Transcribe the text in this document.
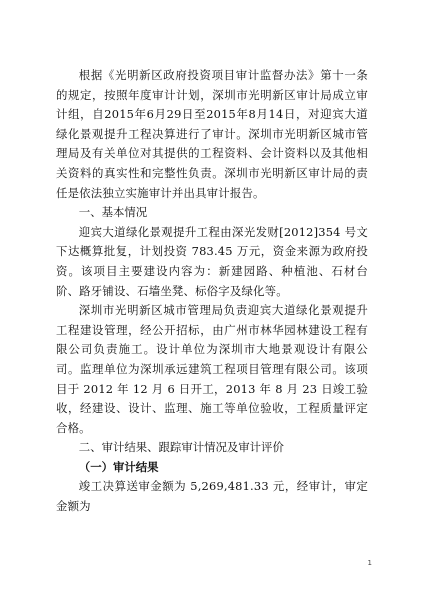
根据《光明新区政府投资项目审计监督办法》第十一条的规定，按照年度审计计划，深圳市光明新区审计局成立审计组，自2015年6月29日至2015年8月14日，对迎宾大道绿化景观提升工程决算进行了审计。深圳市光明新区城市管理局及有关单位对其提供的工程资料、会计资料以及其他相关资料的真实性和完整性负责。深圳市光明新区审计局的责任是依法独立实施审计并出具审计报告。

一、基本情况

迎宾大道绿化景观提升工程由深光发财[2012]354 号文下达概算批复，计划投资 783.45 万元，资金来源为政府投资。该项目主要建设内容为：新建园路、种植池、石材台阶、路牙铺设、石墙坐凳、标俗字及绿化等。

深圳市光明新区城市管理局负责迎宾大道绿化景观提升工程建设管理，经公开招标，由广州市林华园林建设工程有限公司负责施工。设计单位为深圳市大地景观设计有限公司。监理单位为深圳承远建筑工程项目管理有限公司。该项目于 2012 年 12 月 6 日开工，2013 年 8 月 23 日竣工验收，经建设、设计、监理、施工等单位验收，工程质量评定合格。

二、审计结果、跟踪审计情况及审计评价

（一）审计结果

竣工决算送审金额为 5,269,481.33 元，经审计，审定金额为

1
